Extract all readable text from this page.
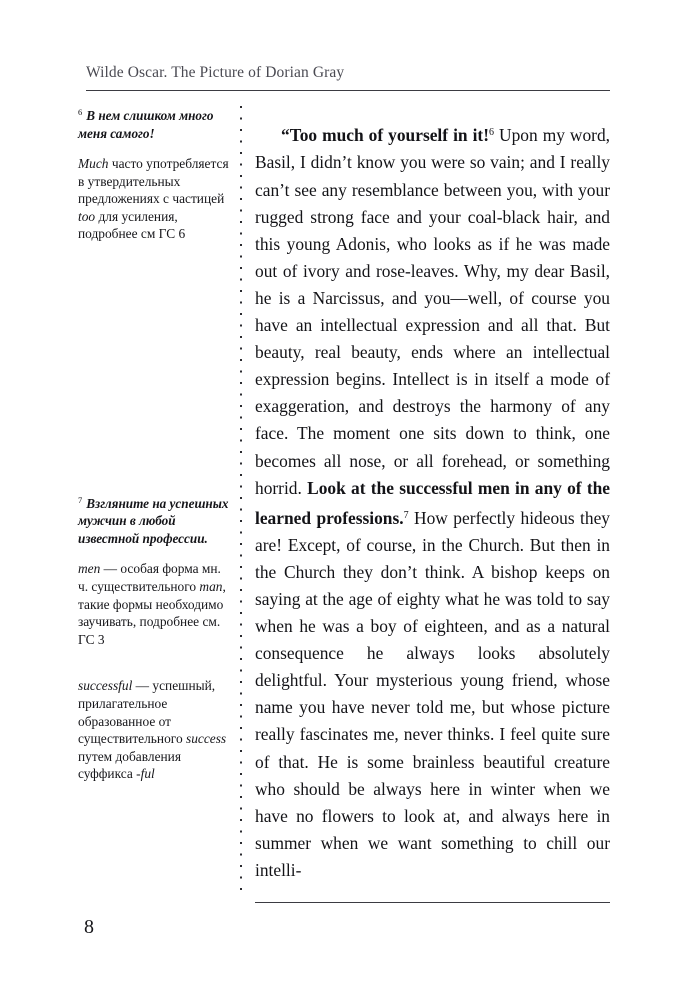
Wilde Oscar. The Picture of Dorian Gray
$^6$ В нем слишком много меня самого!
Much часто употребляется в утвердительных предложениях с частицей too для усиления, подробнее см ГС 6
$^7$ Взгляните на успешных мужчин в любой известной профессии.
men — особая форма мн. ч. существительного man, такие формы необходимо заучивать, подробнее см. ГС 3
successful — успешный, прилагательное образованное от существительного success путем добавления суффикса -ful

“Too much of yourself in it!$^6$ Upon my word, Basil, I didn’t know you were so vain; and I really can’t see any resemblance between you, with your rugged strong face and your coal-black hair, and this young Adonis, who looks as if he was made out of ivory and rose-leaves. Why, my dear Basil, he is a Narcissus, and you—well, of course you have an intellectual expression and all that. But beauty, real beauty, ends where an intellectual expression begins. Intellect is in itself a mode of exaggeration, and destroys the harmony of any face. The moment one sits down to think, one becomes all nose, or all forehead, or something horrid. Look at the successful men in any of the learned professions.$^7$ How perfectly hideous they are! Except, of course, in the Church. But then in the Church they don’t think. A bishop keeps on saying at the age of eighty what he was told to say when he was a boy of eighteen, and as a natural consequence he always looks absolutely delightful. Your mysterious young friend, whose name you have never told me, but whose picture really fascinates me, never thinks. I feel quite sure of that. He is some brainless beautiful creature who should be always here in winter when we have no flowers to look at, and always here in summer when we want something to chill our intelli-

8
